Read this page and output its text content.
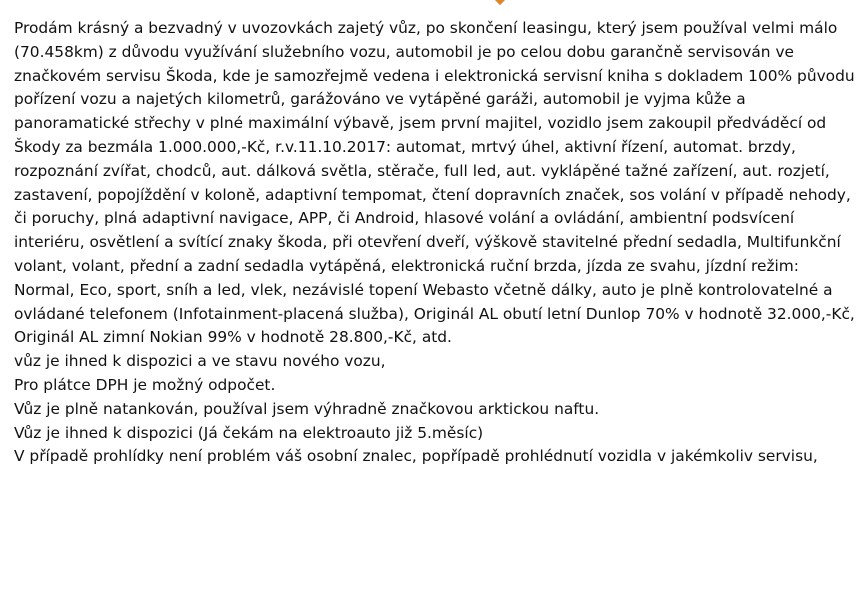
Prodám krásný a bezvadný v uvozovkách zajetý vůz, po skončení leasingu, který jsem používal velmi málo (70.458km) z důvodu využívání služebního vozu, automobil je po celou dobu garančně servisován ve značkovém servisu Škoda, kde je samozřejmě vedena i elektronická servisní kniha s dokladem 100% původu pořízení vozu a najetých kilometrů, garážováno ve vytápěné garáži, automobil je vyjma kůže a panoramatické střechy v plné maximální výbavě, jsem první majitel, vozidlo jsem zakoupil předváděcí od Škody za bezmála 1.000.000,-Kč, r.v.11.10.2017: automat, mrtvý úhel, aktivní řízení, automat. brzdy, rozpoznání zvířat, chodců, aut. dálková světla, stěrače, full led, aut. vyklápěné tažné zařízení, aut. rozjetí, zastavení, popojíždění v koloně, adaptivní tempomat, čtení dopravních značek, sos volání v případě nehody, či poruchy, plná adaptivní navigace, APP, či Android, hlasové volání a ovládání, ambientní podsvícení interiéru, osvětlení a svítící znaky škoda, při otevření dveří, výškově stavitelné přední sedadla, Multifunkční volant, volant, přední a zadní sedadla vytápěná, elektronická ruční brzda, jízda ze svahu, jízdní režim: Normal, Eco, sport, sníh a led, vlek, nezávislé topení Webasto včetně dálky, auto je plně kontrolovatelné a ovládané telefonem (Infotainment-placená služba), Originál AL obutí letní Dunlop 70% v hodnotě 32.000,-Kč, Originál AL zimní Nokian 99% v hodnotě 28.800,-Kč, atd.

vůz je ihned k dispozici a ve stavu nového vozu,

Pro plátce DPH je možný odpočet.

Vůz je plně natankován, používal jsem výhradně značkovou arktickou naftu.

Vůz je ihned k dispozici (Já čekám na elektroauto již 5.měsíc)

V případě prohlídky není problém váš osobní znalec, popřípadě prohlédnutí vozidla v jakémkoliv servisu,
